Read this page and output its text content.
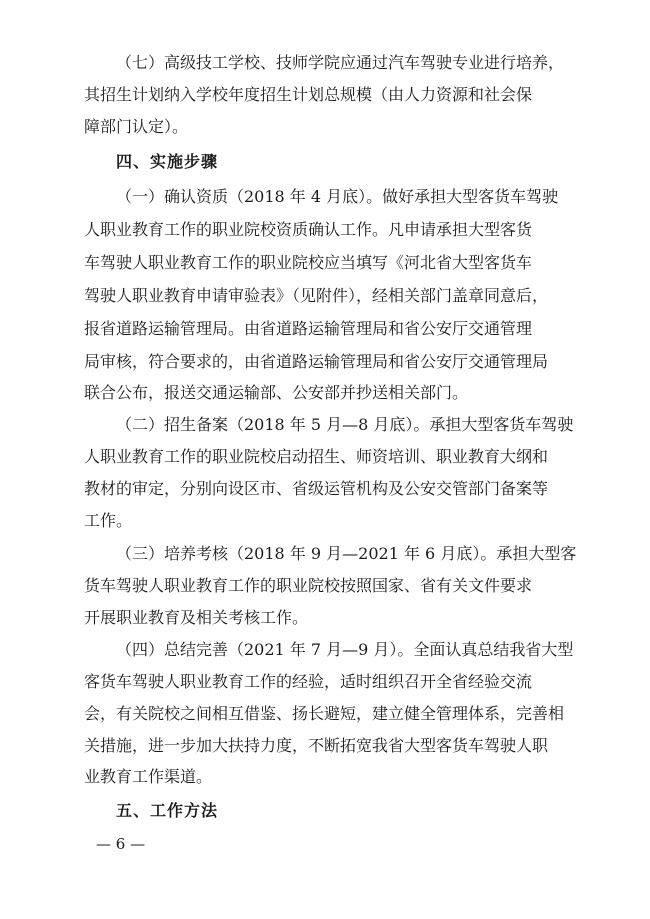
（七）高级技工学校、技师学院应通过汽车驾驶专业进行培养，
其招生计划纳入学校年度招生计划总规模（由人力资源和社会保
障部门认定）。
四、实施步骤
（一）确认资质（2018 年 4 月底）。做好承担大型客货车驾驶
人职业教育工作的职业院校资质确认工作。凡申请承担大型客货
车驾驶人职业教育工作的职业院校应当填写《河北省大型客货车
驾驶人职业教育申请审验表》（见附件），经相关部门盖章同意后，
报省道路运输管理局。由省道路运输管理局和省公安厅交通管理
局审核，符合要求的，由省道路运输管理局和省公安厅交通管理局
联合公布，报送交通运输部、公安部并抄送相关部门。
（二）招生备案（2018 年 5 月—8 月底）。承担大型客货车驾驶
人职业教育工作的职业院校启动招生、师资培训、职业教育大纲和
教材的审定，分别向设区市、省级运管机构及公安交管部门备案等
工作。
（三）培养考核（2018 年 9 月—2021 年 6 月底）。承担大型客
货车驾驶人职业教育工作的职业院校按照国家、省有关文件要求
开展职业教育及相关考核工作。
（四）总结完善（2021 年 7 月—9 月）。全面认真总结我省大型
客货车驾驶人职业教育工作的经验，适时组织召开全省经验交流
会，有关院校之间相互借鉴、扬长避短，建立健全管理体系，完善相
关措施，进一步加大扶持力度，不断拓宽我省大型客货车驾驶人职
业教育工作渠道。
五、工作方法
— 6 —
